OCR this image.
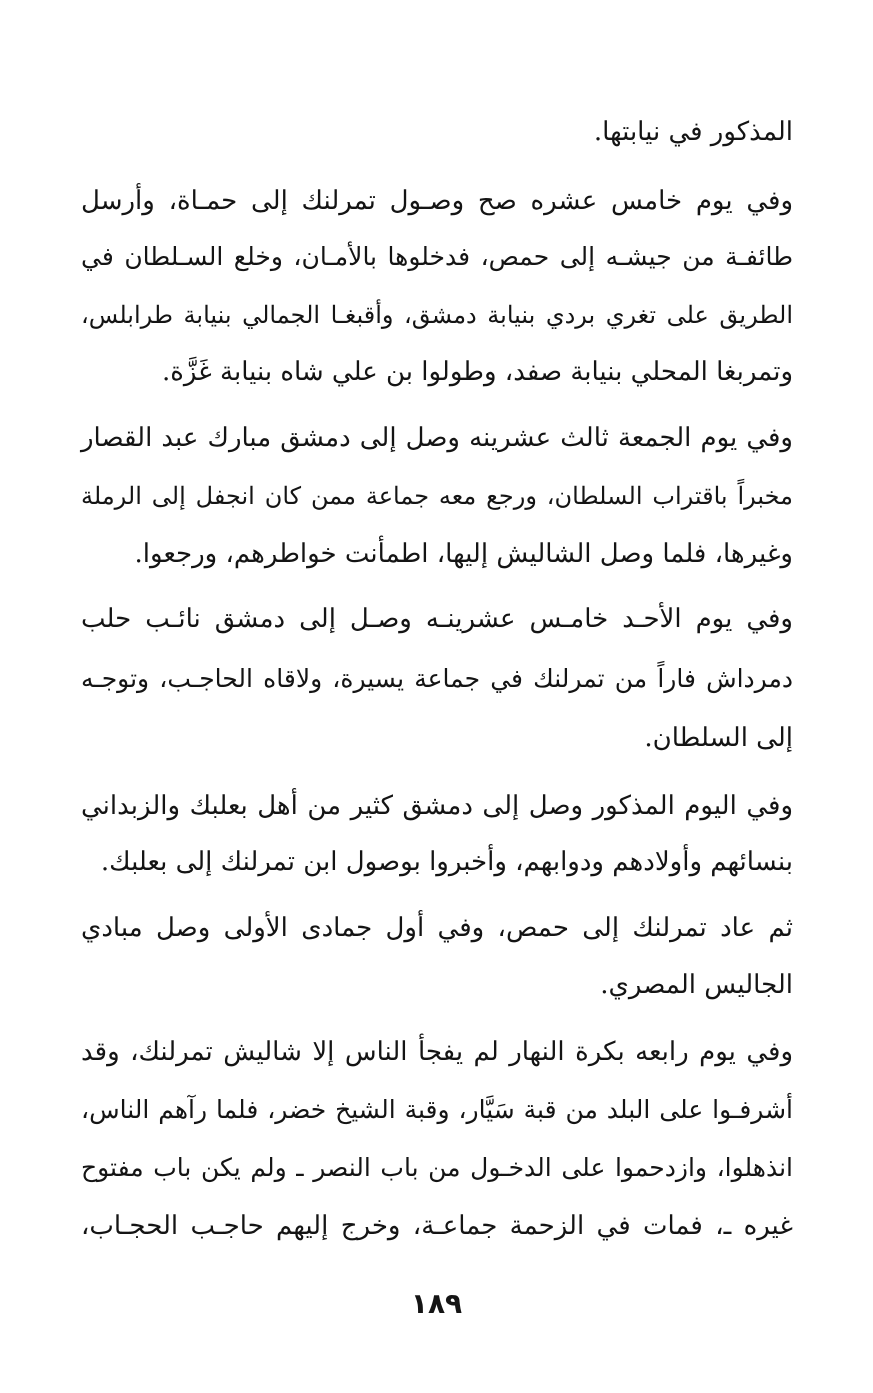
المذكور في نيابتها.
وفي يوم خامس عشره صح وصـول تمرلنك إلى حمـاة، وأرسل
طائفـة من جيشـه إلى حمص، فدخلوها بالأمـان، وخلع السـلطان في
الطريق على تغري بردي بنيابة دمشق، وأقبغـا الجمالي بنيابة طرابلس،
وتمربغا المحلي بنيابة صفد، وطولوا بن علي شاه بنيابة غَزَّة.
وفي يوم الجمعة ثالث عشرينه وصل إلى دمشق مبارك عبد القصار
مخبراً باقتراب السلطان، ورجع معه جماعة ممن كان انجفل إلى الرملة
وغيرها، فلما وصل الشاليش إليها، اطمأنت خواطرهم، ورجعوا.
وفي يوم الأحـد خامـس عشرينـه وصـل إلى دمشق نائـب حلب
دمرداش فاراً من تمرلنك في جماعة يسيرة، ولاقاه الحاجـب، وتوجـه
إلى السلطان.
وفي اليوم المذكور وصل إلى دمشق كثير من أهل بعلبك والزبداني
بنسائهم وأولادهم ودوابهم، وأخبروا بوصول ابن تمرلنك إلى بعلبك.
ثم عاد تمرلنك إلى حمص، وفي أول جمادى الأولى وصل مبادي
الجاليس المصري.
وفي يوم رابعه بكرة النهار لم يفجأ الناس إلا شاليش تمرلنك، وقد
أشرفـوا على البلد من قبة سَيَّار، وقبة الشيخ خضر، فلما رآهم الناس،
انذهلوا، وازدحموا على الدخـول من باب النصر ـ ولم يكن باب مفتوح
غيره ـ، فمات في الزحمة جماعـة، وخرج إليهم حاجـب الحجـاب،
١٨٩
